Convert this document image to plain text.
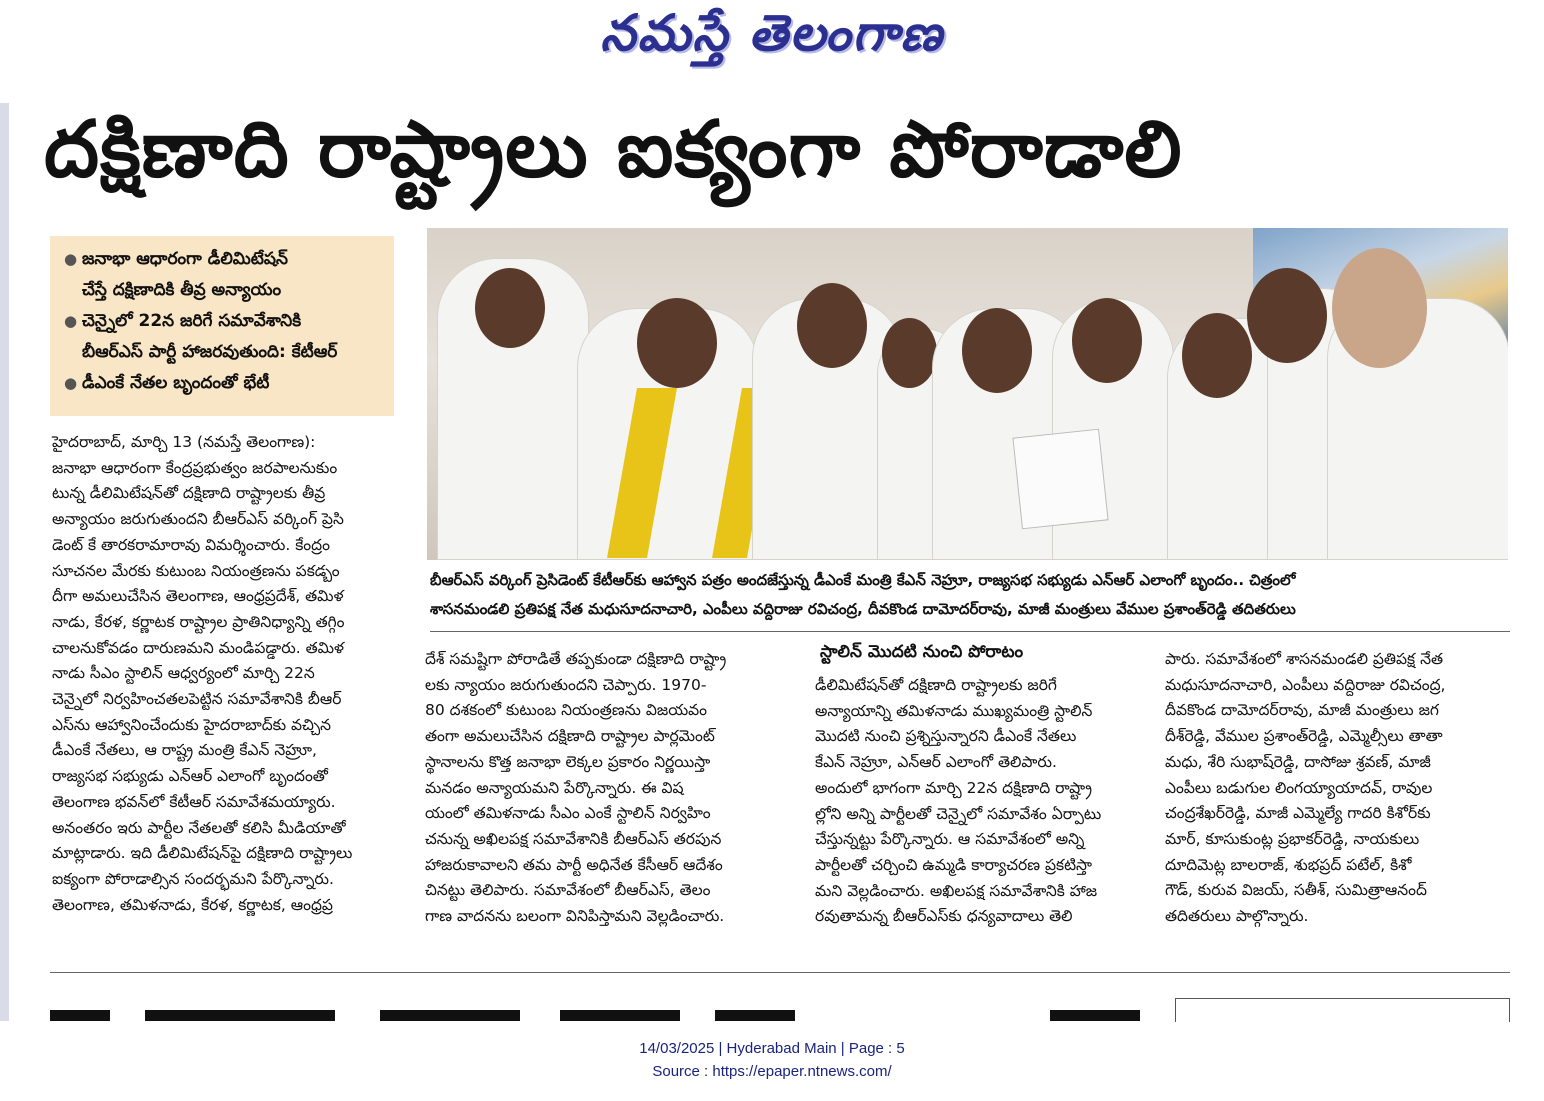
నమస్తే తెలంగాణ
దక్షిణాది రాష్ట్రాలు ఐక్యంగా పోరాడాలి
● జనాభా ఆధారంగా డీలిమిటేషన్
చేస్తే దక్షిణాదికి తీవ్ర అన్యాయం
● చెన్నైలో 22న జరిగే సమావేశానికి
బీఆర్ఎస్ పార్టీ హాజరవుతుంది: కేటీఆర్
● డీఎంకే నేతల బృందంతో భేటీ
బీఆర్ఎస్ వర్కింగ్ ప్రెసిడెంట్ కేటీఆర్‌కు ఆహ్వాన పత్రం అందజేస్తున్న డీఎంకే మంత్రి కేఎన్ నెహ్రూ, రాజ్యసభ సభ్యుడు ఎన్ఆర్ ఎలాంగో బృందం.. చిత్రంలో
శాసనమండలి ప్రతిపక్ష నేత మధుసూదనాచారి, ఎంపీలు వద్దిరాజు రవిచంద్ర, దీవకొండ దామోదర్‌రావు, మాజీ మంత్రులు వేముల ప్రశాంత్‌రెడ్డి తదితరులు
హైదరాబాద్, మార్చి 13 (నమస్తే తెలంగాణ):
జనాభా ఆధారంగా కేంద్రప్రభుత్వం జరపాలనుకుం
టున్న డీలిమిటేషన్‌తో దక్షిణాది రాష్ట్రాలకు తీవ్ర
అన్యాయం జరుగుతుందని బీఆర్ఎస్ వర్కింగ్ ప్రెసి
డెంట్ కే తారకరామారావు విమర్శించారు. కేంద్రం
సూచనల మేరకు కుటుంబ నియంత్రణను పకడ్బం
దీగా అమలుచేసిన తెలంగాణ, ఆంధ్రప్రదేశ్, తమిళ
నాడు, కేరళ, కర్ణాటక రాష్ట్రాల ప్రాతినిధ్యాన్ని తగ్గిం
చాలనుకోవడం దారుణమని మండిపడ్డారు. తమిళ
నాడు సీఎం స్టాలిన్ ఆధ్వర్యంలో మార్చి 22న
చెన్నైలో నిర్వహించతలపెట్టిన సమావేశానికి బీఆర్
ఎస్‌ను ఆహ్వానించేందుకు హైదరాబాద్‌కు వచ్చిన
డీఎంకే నేతలు, ఆ రాష్ట్ర మంత్రి కేఎన్ నెహ్రూ,
రాజ్యసభ సభ్యుడు ఎన్ఆర్ ఎలాంగో బృందంతో
తెలంగాణ భవన్‌లో కేటీఆర్ సమావేశమయ్యారు.
అనంతరం ఇరు పార్టీల నేతలతో కలిసి మీడియాతో
మాట్లాడారు. ఇది డీలిమిటేషన్‌పై దక్షిణాది రాష్ట్రాలు
ఐక్యంగా పోరాడాల్సిన సందర్భమని పేర్కొన్నారు.
తెలంగాణ, తమిళనాడు, కేరళ, కర్ణాటక, ఆంధ్రప్ర
దేశ్ సమష్టిగా పోరాడితే తప్పకుండా దక్షిణాది రాష్ట్రా
లకు న్యాయం జరుగుతుందని చెప్పారు. 1970-
80 దశకంలో కుటుంబ నియంత్రణను విజయవం
తంగా అమలుచేసిన దక్షిణాది రాష్ట్రాల పార్లమెంట్
స్థానాలను కొత్త జనాభా లెక్కల ప్రకారం నిర్ణయిస్తా
మనడం అన్యాయమని పేర్కొన్నారు. ఈ విష
యంలో తమిళనాడు సీఎం ఎంకే స్టాలిన్ నిర్వహిం
చనున్న అఖిలపక్ష సమావేశానికి బీఆర్ఎస్ తరపున
హాజరుకావాలని తమ పార్టీ అధినేత కేసీఆర్ ఆదేశం
చినట్టు తెలిపారు. సమావేశంలో బీఆర్ఎస్, తెలం
గాణ వాదనను బలంగా వినిపిస్తామని వెల్లడించారు.
స్టాలిన్ మొదటి నుంచి పోరాటం
డీలిమిటేషన్‌తో దక్షిణాది రాష్ట్రాలకు జరిగే
అన్యాయాన్ని తమిళనాడు ముఖ్యమంత్రి స్టాలిన్
మొదటి నుంచి ప్రశ్నిస్తున్నారని డీఎంకే నేతలు
కేఎన్ నెహ్రూ, ఎన్ఆర్ ఎలాంగో తెలిపారు.
అందులో భాగంగా మార్చి 22న దక్షిణాది రాష్ట్రా
ల్లోని అన్ని పార్టీలతో చెన్నైలో సమావేశం ఏర్పాటు
చేస్తున్నట్టు పేర్కొన్నారు. ఆ సమావేశంలో అన్ని
పార్టీలతో చర్చించి ఉమ్మడి కార్యాచరణ ప్రకటిస్తా
మని వెల్లడించారు. అఖిలపక్ష సమావేశానికి హాజ
రవుతామన్న బీఆర్ఎస్‌కు ధన్యవాదాలు తెలి
పారు. సమావేశంలో శాసనమండలి ప్రతిపక్ష నేత
మధుసూదనాచారి, ఎంపీలు వద్దిరాజు రవిచంద్ర,
దీవకొండ దామోదర్‌రావు, మాజీ మంత్రులు జగ
దీశ్‌రెడ్డి, వేముల ప్రశాంత్‌రెడ్డి, ఎమ్మెల్సీలు తాతా
మధు, శేరి సుభాష్‌రెడ్డి, దాసోజు శ్రవణ్, మాజీ
ఎంపీలు బడుగుల లింగయ్యాయాదవ్, రావుల
చంద్రశేఖర్‌రెడ్డి, మాజీ ఎమ్మెల్యే గాదరి కిశోర్‌కు
మార్, కూసుకుంట్ల ప్రభాకర్‌రెడ్డి, నాయకులు
దూదిమెట్ల బాలరాజ్, శుభప్రద్ పటేల్, కిశో
గౌడ్, కురువ విజయ్, సతీశ్, సుమిత్రాఆనంద్
తదితరులు పాల్గొన్నారు.
14/03/2025 | Hyderabad Main | Page : 5
Source : https://epaper.ntnews.com/
